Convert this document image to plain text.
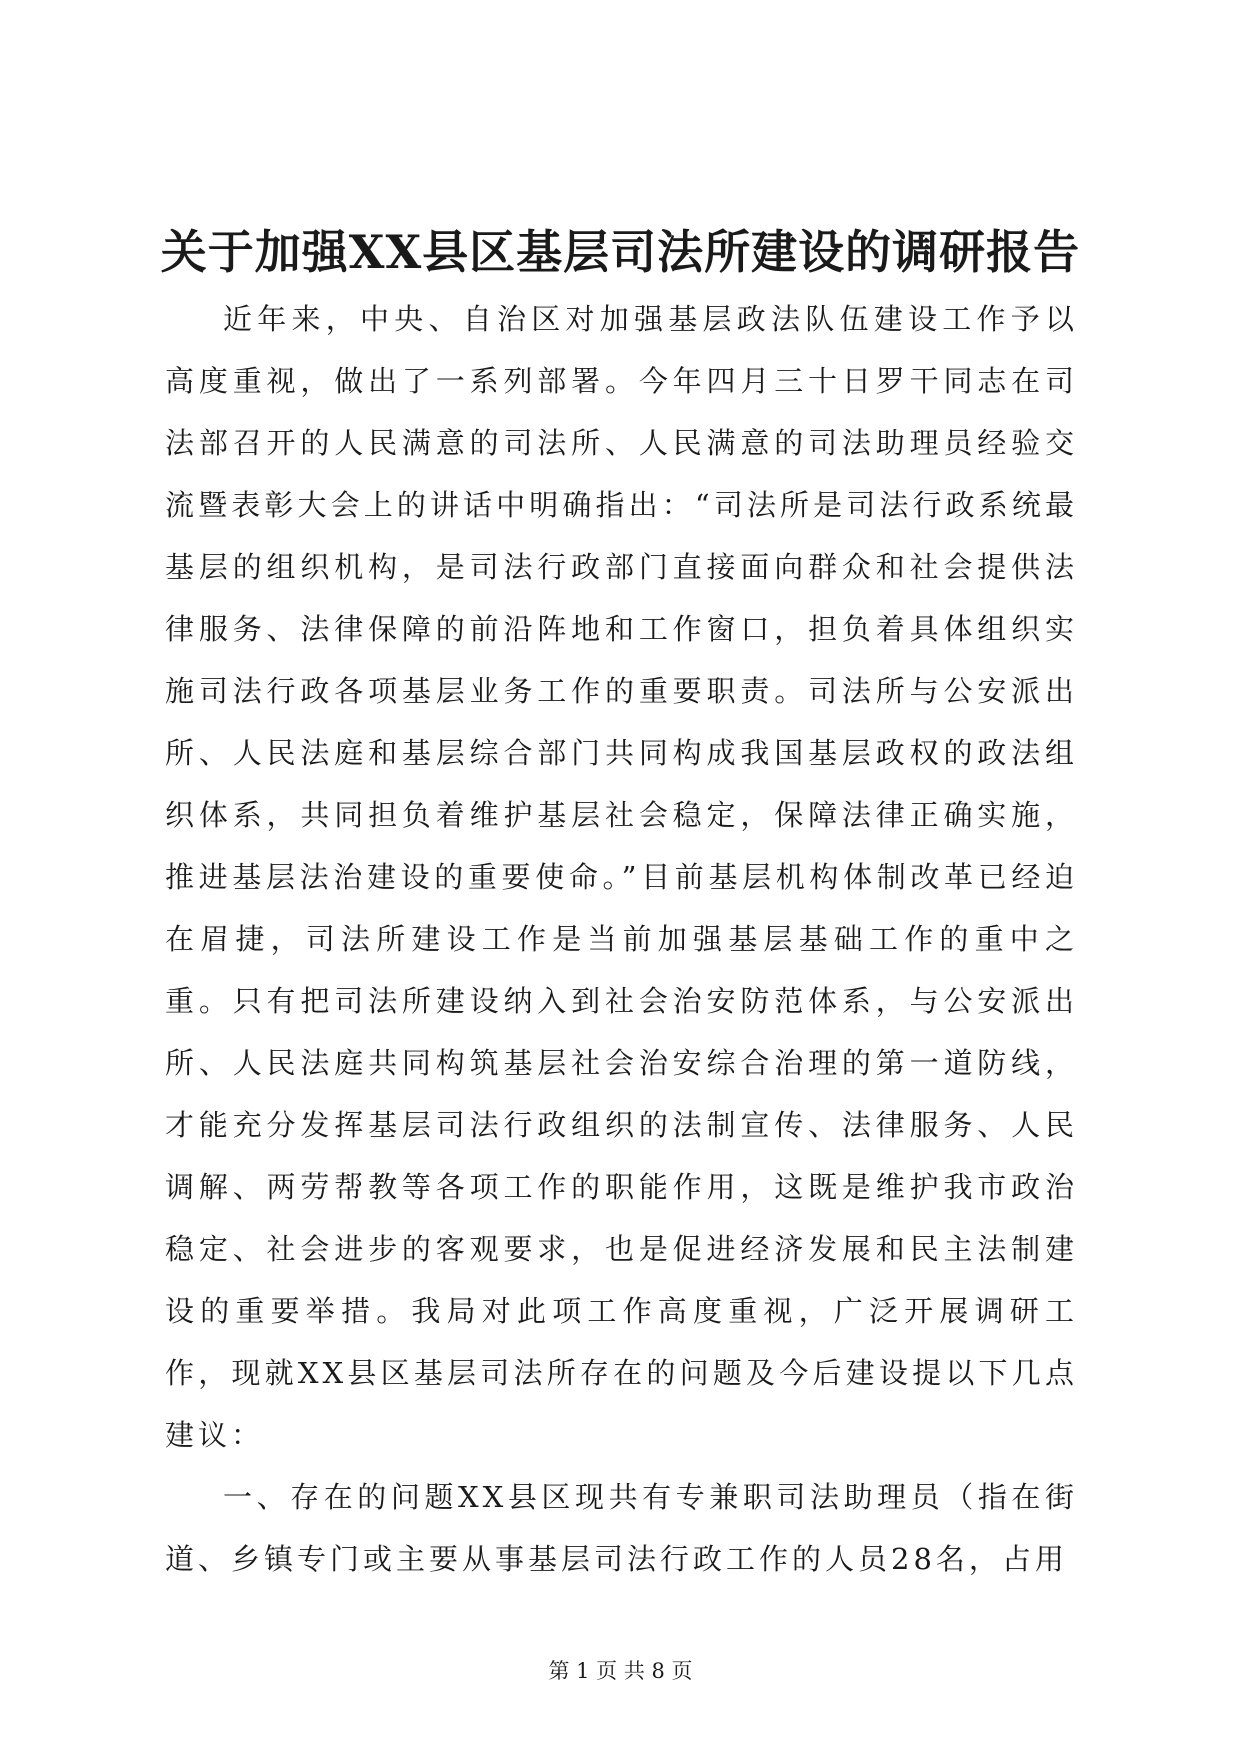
关于加强XX县区基层司法所建设的调研报告

近年来，中央、自治区对加强基层政法队伍建设工作予以高度重视，做出了一系列部署。今年四月三十日罗干同志在司法部召开的人民满意的司法所、人民满意的司法助理员经验交流暨表彰大会上的讲话中明确指出：“司法所是司法行政系统最基层的组织机构，是司法行政部门直接面向群众和社会提供法律服务、法律保障的前沿阵地和工作窗口，担负着具体组织实施司法行政各项基层业务工作的重要职责。司法所与公安派出所、人民法庭和基层综合部门共同构成我国基层政权的政法组织体系，共同担负着维护基层社会稳定，保障法律正确实施，推进基层法治建设的重要使命。”目前基层机构体制改革已经迫在眉捷，司法所建设工作是当前加强基层基础工作的重中之重。只有把司法所建设纳入到社会治安防范体系，与公安派出所、人民法庭共同构筑基层社会治安综合治理的第一道防线，才能充分发挥基层司法行政组织的法制宣传、法律服务、人民调解、两劳帮教等各项工作的职能作用，这既是维护我市政治稳定、社会进步的客观要求，也是促进经济发展和民主法制建设的重要举措。我局对此项工作高度重视，广泛开展调研工作，现就XX县区基层司法所存在的问题及今后建设提以下几点建议：

一、存在的问题XX县区现共有专兼职司法助理员（指在街道、乡镇专门或主要从事基层司法行政工作的人员28名，占用

第 1 页 共 8 页
